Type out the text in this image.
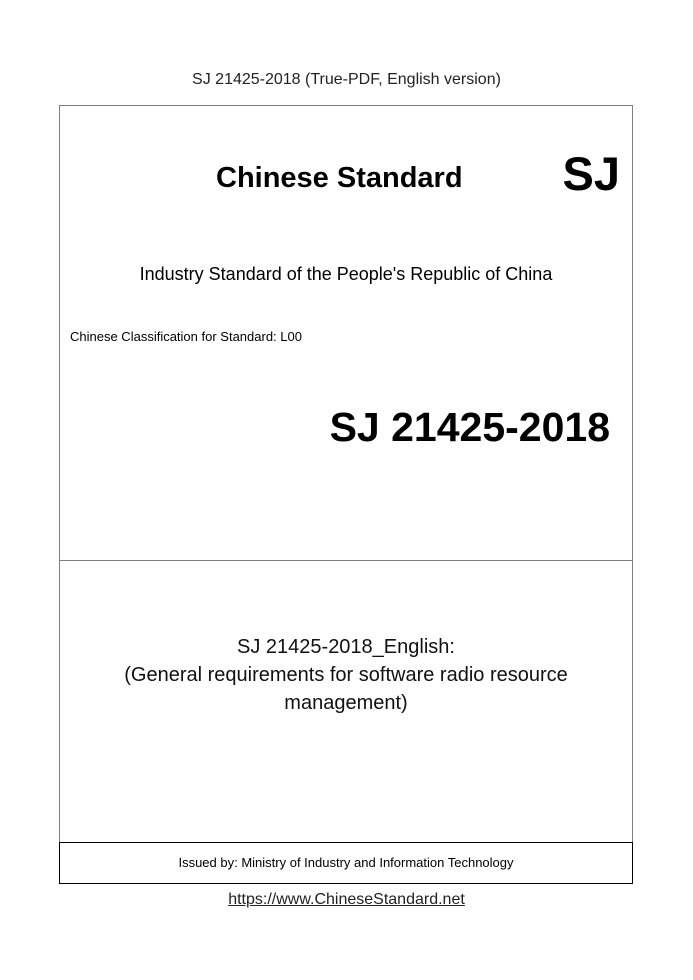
SJ 21425-2018 (True-PDF, English version)
Chinese Standard SJ
Industry Standard of the People's Republic of China
Chinese Classification for Standard: L00
SJ 21425-2018
SJ 21425-2018_English:
(General requirements for software radio resource
management)
Issued by: Ministry of Industry and Information Technology
https://www.ChineseStandard.net
